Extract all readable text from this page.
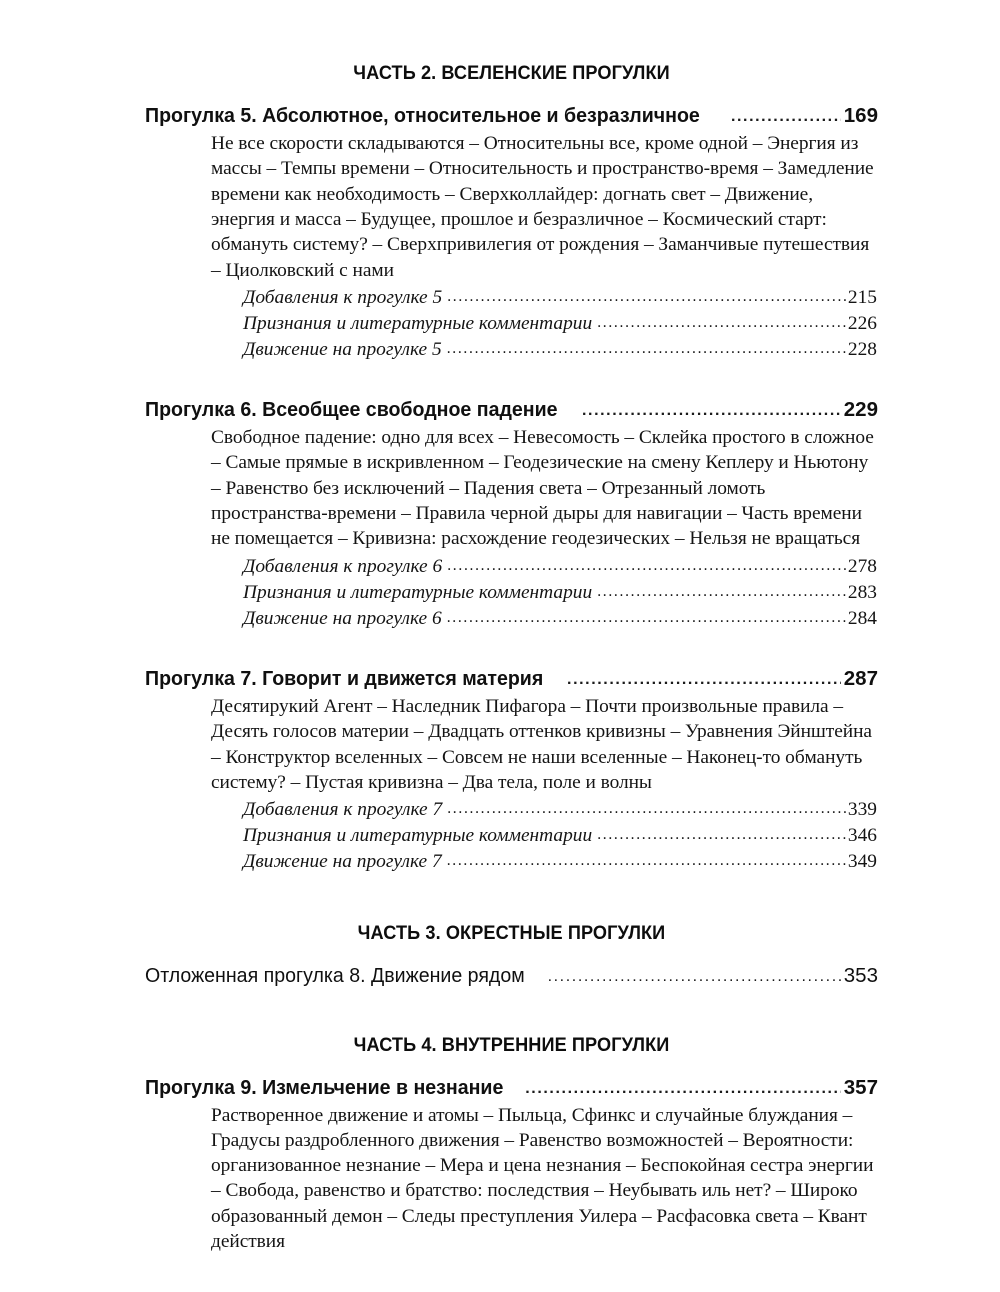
ЧАСТЬ 2. ВСЕЛЕНСКИЕ ПРОГУЛКИ
Прогулка 5. Абсолютное, относительное и безразличное .....	169
Не все скорости складываются – Относительны все, кроме одной – Энергия из массы – Темпы времени – Относительность и пространство-время – Замедление времени как необходимость – Сверхколлайдер: догнать свет – Движение, энергия и масса – Будущее, прошлое и безразличное – Космический старт: обмануть систему? – Сверхпривилегия от рождения – Заманчивые путешествия – Циолковский с нами
Добавления к прогулке 5 .....	215
Признания и литературные комментарии .....	226
Движение на прогулке 5 .....	228
Прогулка 6. Всеобщее свободное падение .....	229
Свободное падение: одно для всех – Невесомость – Склейка простого в сложное – Самые прямые в искривленном – Геодезические на смену Кеплеру и Ньютону – Равенство без исключений – Падения света – Отрезанный ломоть пространства-времени – Правила черной дыры для навигации – Часть времени не помещается – Кривизна: расхождение геодезических – Нельзя не вращаться
Добавления к прогулке 6 .....	278
Признания и литературные комментарии .....	283
Движение на прогулке 6 .....	284
Прогулка 7. Говорит и движется материя .....	287
Десятирукий Агент – Наследник Пифагора – Почти произвольные правила – Десять голосов материи – Двадцать оттенков кривизны – Уравнения Эйнштейна – Конструктор вселенных – Совсем не наши вселенные – Наконец-то обмануть систему? – Пустая кривизна – Два тела, поле и волны
Добавления к прогулке 7 .....	339
Признания и литературные комментарии .....	346
Движение на прогулке 7 .....	349
ЧАСТЬ 3. ОКРЕСТНЫЕ ПРОГУЛКИ
Отложенная прогулка 8. Движение рядом .....	353
ЧАСТЬ 4. ВНУТРЕННИЕ ПРОГУЛКИ
Прогулка 9. Измельчение в незнание .....	357
Растворенное движение и атомы – Пыльца, Сфинкс и случайные блуждания – Градусы раздробленного движения – Равенство возможностей – Вероятности: организованное незнание – Мера и цена незнания – Беспокойная сестра энергии – Свобода, равенство и братство: последствия – Неубывать иль нет? – Широко образованный демон – Следы преступления Уилера – Расфасовка света – Квант действия
